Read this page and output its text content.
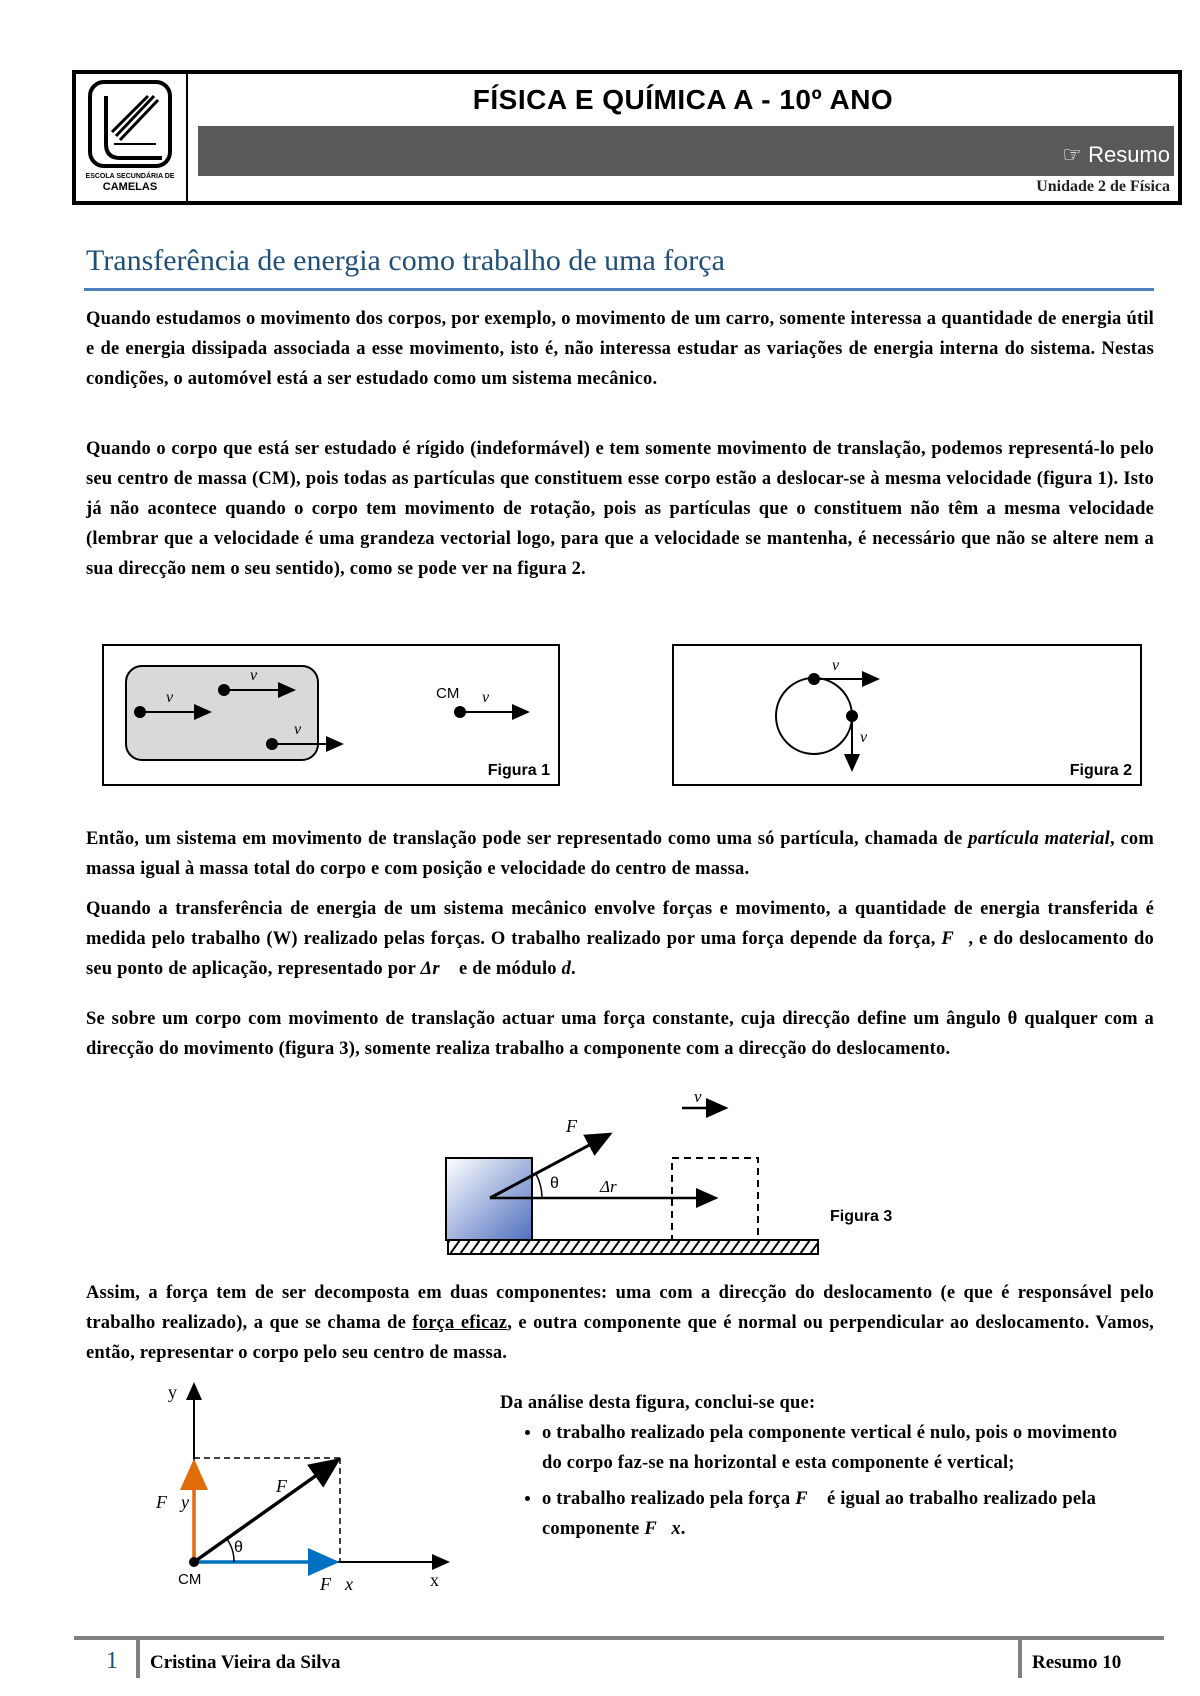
ESCOLA SECUNDÁRIA DE
CAMELAS
FÍSICA E QUÍMICA A - 10º ANO
☞ Resumo
Unidade 2 de Física
Transferência de energia como trabalho de uma força
Quando estudamos o movimento dos corpos, por exemplo, o movimento de um carro, somente interessa a quantidade de energia útil e de energia dissipada associada a esse movimento, isto é, não interessa estudar as variações de energia interna do sistema. Nestas condições, o automóvel está a ser estudado como um sistema mecânico.
Quando o corpo que está ser estudado é rígido (indeformável) e tem somente movimento de translação, podemos representá-lo pelo seu centro de massa (CM), pois todas as partículas que constituem esse corpo estão a deslocar-se à mesma velocidade (figura 1). Isto já não acontece quando o corpo tem movimento de rotação, pois as partículas que o constituem não têm a mesma velocidade (lembrar que a velocidade é uma grandeza vectorial logo, para que a velocidade se mantenha, é necessário que não se altere nem a sua direcção nem o seu sentido), como se pode ver na figura 2.
v⃗
v⃗
v⃗
CM v⃗
Figura 1
v⃗
v⃗
Figura 2
Então, um sistema em movimento de translação pode ser representado como uma só partícula, chamada de partícula material, com massa igual à massa total do corpo e com posição e velocidade do centro de massa.
Quando a transferência de energia de um sistema mecânico envolve forças e movimento, a quantidade de energia transferida é medida pelo trabalho (W) realizado pelas forças. O trabalho realizado por uma força depende da força, F⃗, e do deslocamento do seu ponto de aplicação, representado por Δr⃗ e de módulo d.
Se sobre um corpo com movimento de translação actuar uma força constante, cuja direcção define um ângulo θ qualquer com a direcção do movimento (figura 3), somente realiza trabalho a componente com a direcção do deslocamento.
θ
F⃗
Δr⃗
v⃗
Figura 3
Assim, a força tem de ser decomposta em duas componentes: uma com a direcção do deslocamento (e que é responsável pelo trabalho realizado), a que se chama de força eficaz, e outra componente que é normal ou perpendicular ao deslocamento. Vamos, então, representar o corpo pelo seu centro de massa.
y
x
θ
F⃗
F⃗y
F⃗x
CM
Da análise desta figura, conclui-se que:
• o trabalho realizado pela componente vertical é nulo, pois o movimento do corpo faz-se na horizontal e esta componente é vertical;
• o trabalho realizado pela força F⃗ é igual ao trabalho realizado pela componente F⃗x.
1 Cristina Vieira da Silva	Resumo 10
